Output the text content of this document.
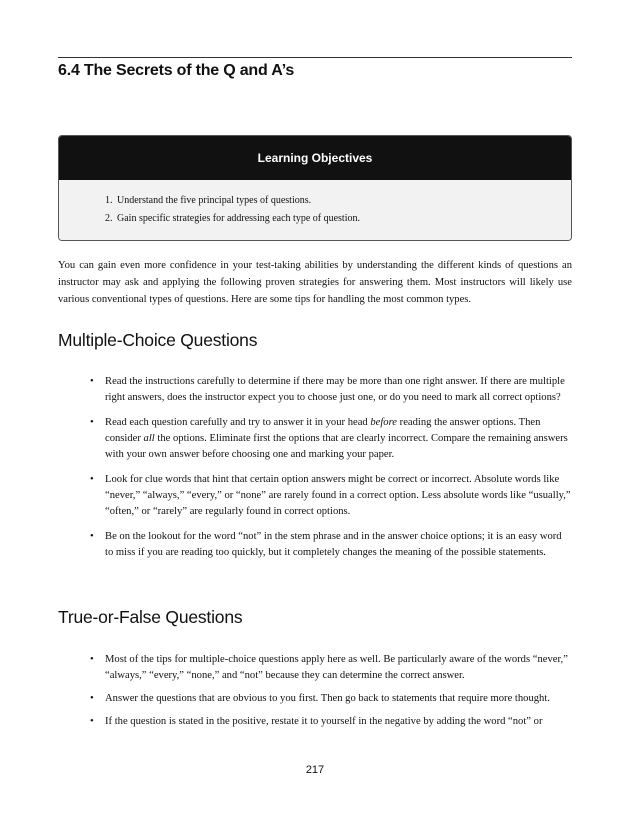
6.4 The Secrets of the Q and A’s
Learning Objectives
1. Understand the five principal types of questions.
2. Gain specific strategies for addressing each type of question.

You can gain even more confidence in your test-taking abilities by understanding the different kinds of questions an instructor may ask and applying the following proven strategies for answering them. Most instructors will likely use various conventional types of questions. Here are some tips for handling the most common types.

Multiple-Choice Questions
• Read the instructions carefully to determine if there may be more than one right answer. If there are multiple right answers, does the instructor expect you to choose just one, or do you need to mark all correct options?
• Read each question carefully and try to answer it in your head before reading the answer options. Then consider all the options. Eliminate first the options that are clearly incorrect. Compare the remaining answers with your own answer before choosing one and marking your paper.
• Look for clue words that hint that certain option answers might be correct or incorrect. Absolute words like “never,” “always,” “every,” or “none” are rarely found in a correct option. Less absolute words like “usually,” “often,” or “rarely” are regularly found in correct options.
• Be on the lookout for the word “not” in the stem phrase and in the answer choice options; it is an easy word to miss if you are reading too quickly, but it completely changes the meaning of the possible statements.
True-or-False Questions
• Most of the tips for multiple-choice questions apply here as well. Be particularly aware of the words “never,” “always,” “every,” “none,” and “not” because they can determine the correct answer.
• Answer the questions that are obvious to you first. Then go back to statements that require more thought.
• If the question is stated in the positive, restate it to yourself in the negative by adding the word “not” or
217
